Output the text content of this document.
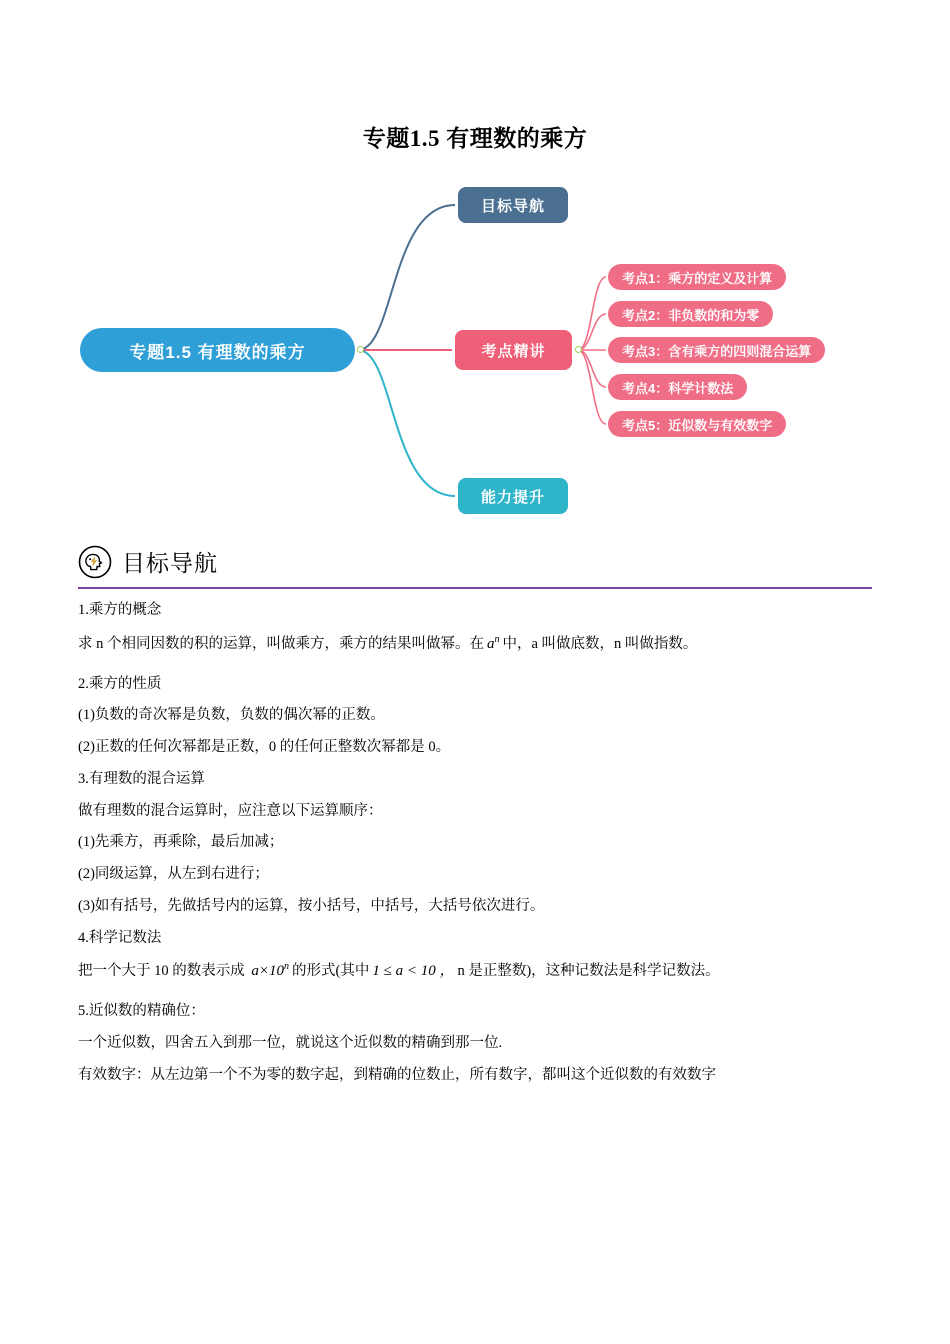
专题1.5 有理数的乘方
专题1.5 有理数的乘方
目标导航
考点精讲
能力提升
考点1：乘方的定义及计算
考点2：非负数的和为零
考点3：含有乘方的四则混合运算
考点4：科学计数法
考点5：近似数与有效数字
目标导航

1.乘方的概念

求 n 个相同因数的积的运算，叫做乘方，乘方的结果叫做幂。在 $a^n$ 中，a 叫做底数，n 叫做指数。

2.乘方的性质

(1)负数的奇次幂是负数，负数的偶次幂的正数。

(2)正数的任何次幂都是正数，0 的任何正整数次幂都是 0。

3.有理数的混合运算

做有理数的混合运算时，应注意以下运算顺序：

(1)先乘方，再乘除，最后加减；

(2)同级运算，从左到右进行；

(3)如有括号，先做括号内的运算，按小括号，中括号，大括号依次进行。

4.科学记数法

把一个大于 10 的数表示成 $a\times 10^n$ 的形式(其中 1 ≤ a < 10 ， n 是正整数)，这种记数法是科学记数法。

5.近似数的精确位：

一个近似数，四舍五入到那一位，就说这个近似数的精确到那一位.

有效数字：从左边第一个不为零的数字起，到精确的位数止，所有数字，都叫这个近似数的有效数字
